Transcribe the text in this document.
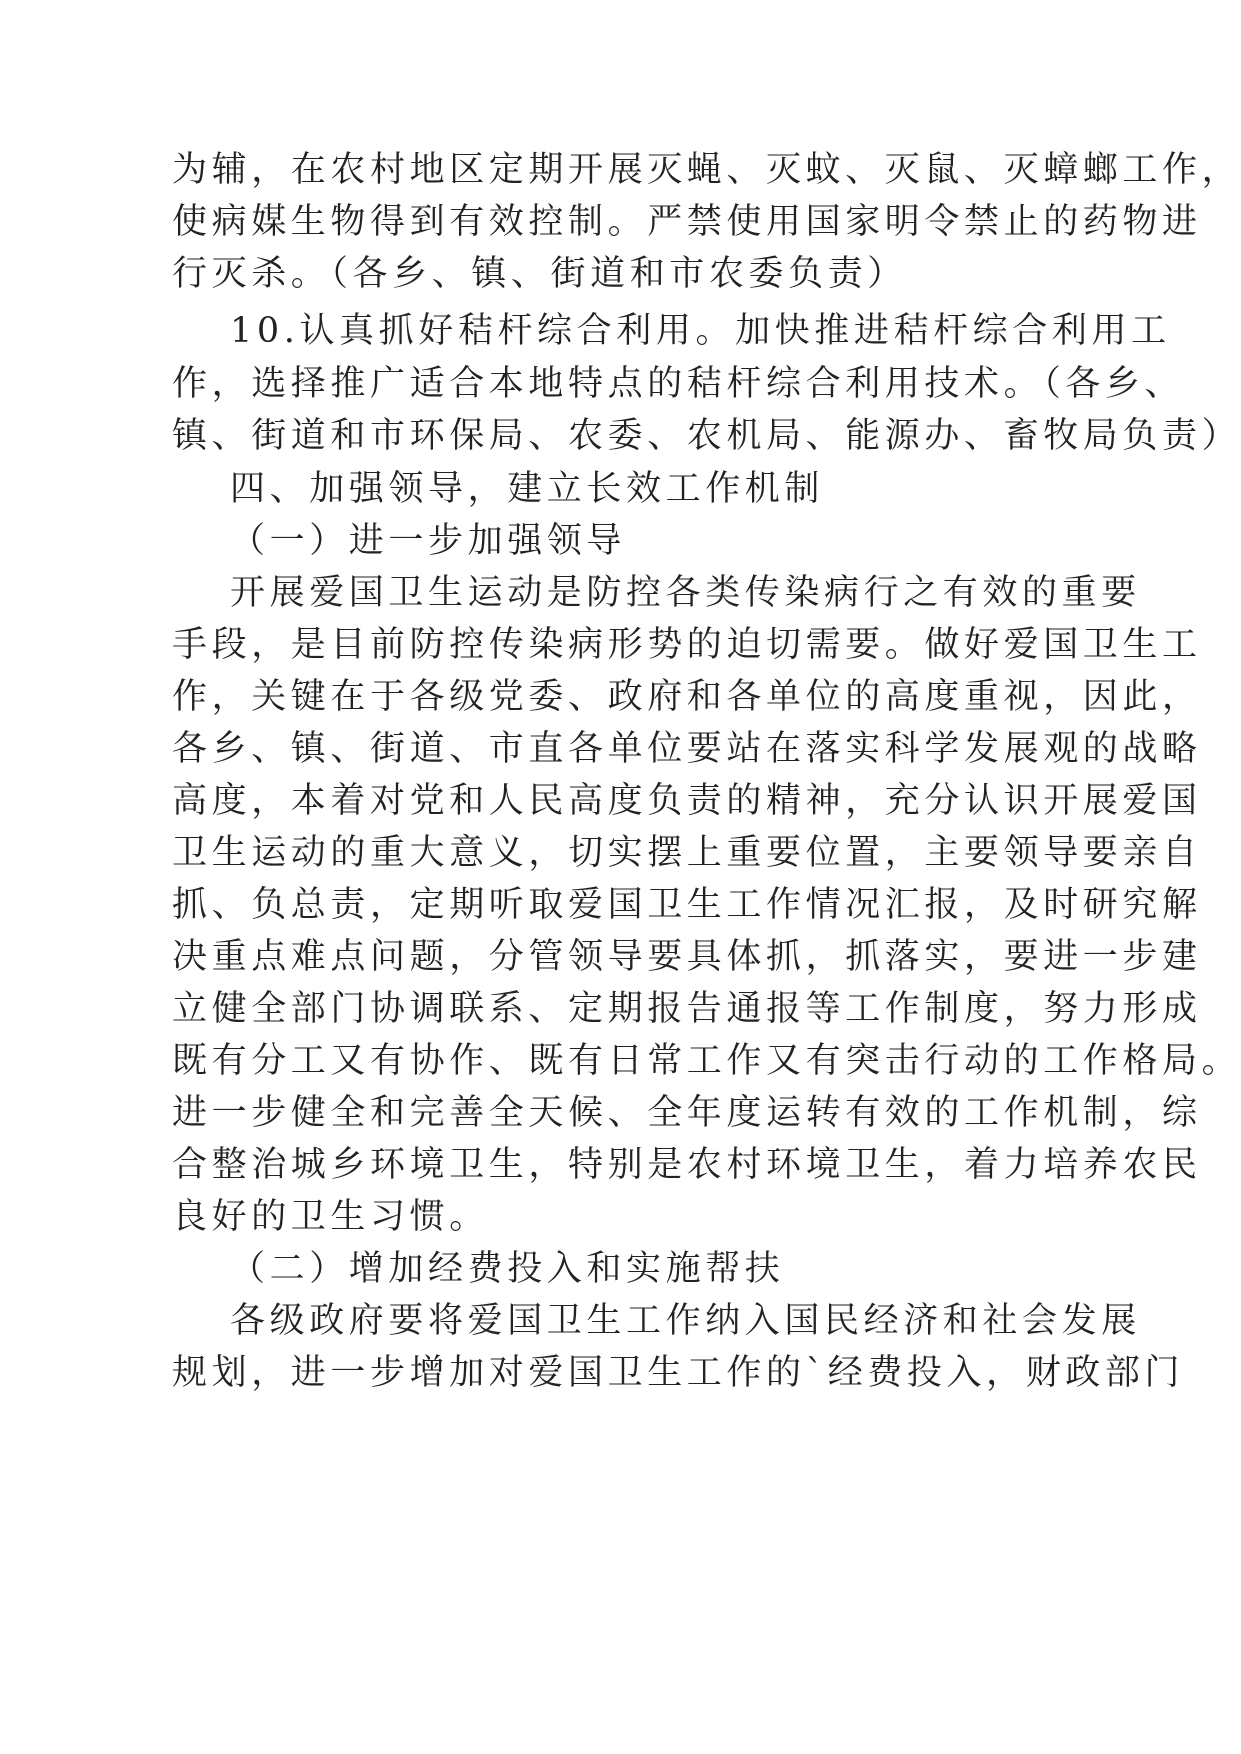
为辅，在农村地区定期开展灭蝇、灭蚊、灭鼠、灭蟑螂工作，
使病媒生物得到有效控制。严禁使用国家明令禁止的药物进
行灭杀。（各乡、镇、街道和市农委负责）
10.认真抓好秸杆综合利用。加快推进秸杆综合利用工
作，选择推广适合本地特点的秸杆综合利用技术。（各乡、
镇、街道和市环保局、农委、农机局、能源办、畜牧局负责）
四、加强领导，建立长效工作机制
（一）进一步加强领导
开展爱国卫生运动是防控各类传染病行之有效的重要
手段，是目前防控传染病形势的迫切需要。做好爱国卫生工
作，关键在于各级党委、政府和各单位的高度重视，因此，
各乡、镇、街道、市直各单位要站在落实科学发展观的战略
高度，本着对党和人民高度负责的精神，充分认识开展爱国
卫生运动的重大意义，切实摆上重要位置，主要领导要亲自
抓、负总责，定期听取爱国卫生工作情况汇报，及时研究解
决重点难点问题，分管领导要具体抓，抓落实，要进一步建
立健全部门协调联系、定期报告通报等工作制度，努力形成
既有分工又有协作、既有日常工作又有突击行动的工作格局。
进一步健全和完善全天候、全年度运转有效的工作机制，综
合整治城乡环境卫生，特别是农村环境卫生，着力培养农民
良好的卫生习惯。
（二）增加经费投入和实施帮扶
各级政府要将爱国卫生工作纳入国民经济和社会发展
规划，进一步增加对爱国卫生工作的`经费投入，财政部门
